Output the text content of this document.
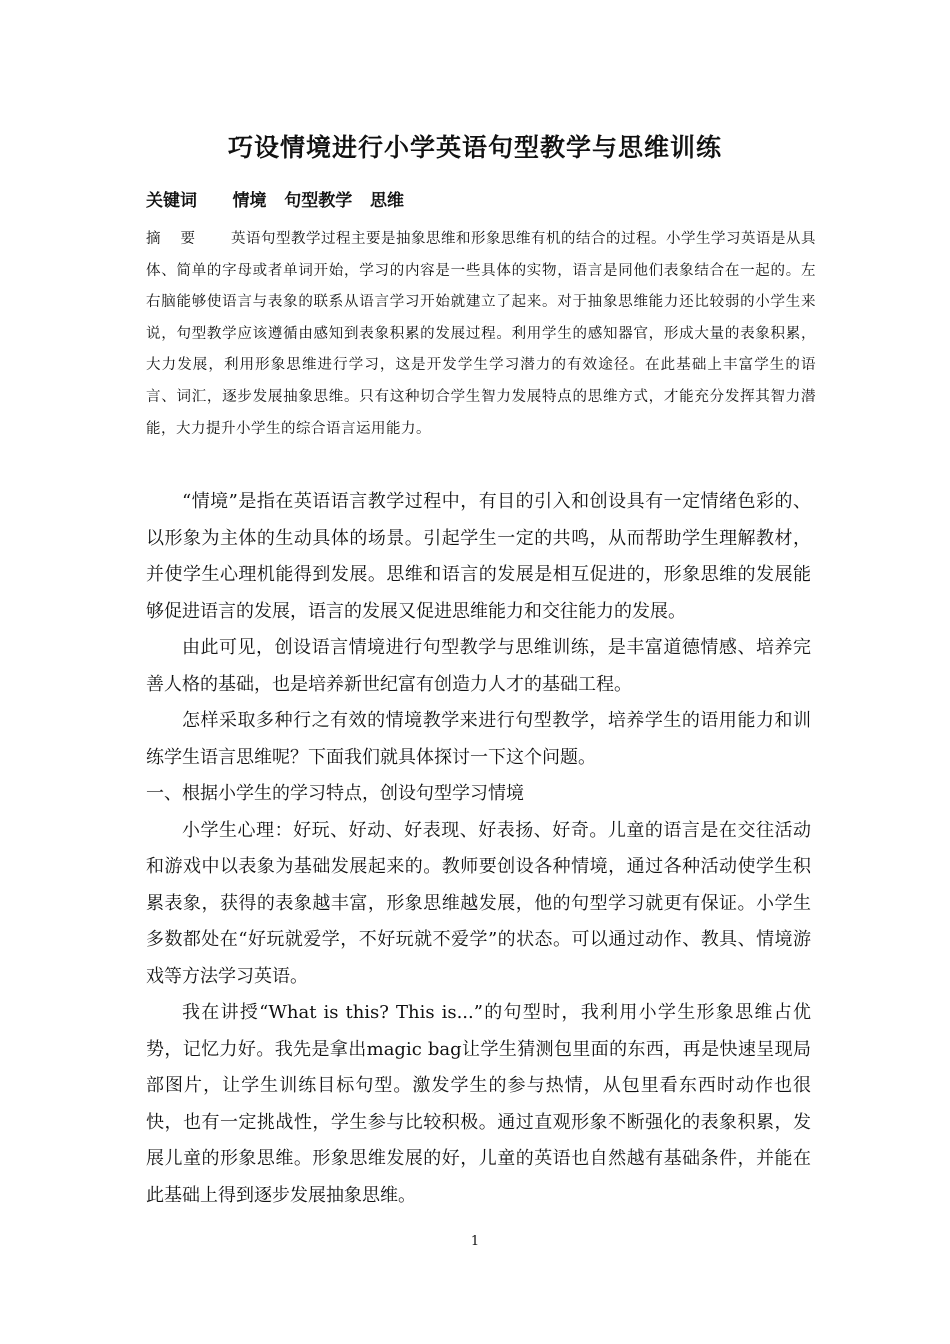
巧设情境进行小学英语句型教学与思维训练
关键词 情境 句型教学 思维
摘 要 英语句型教学过程主要是抽象思维和形象思维有机的结合的过程。小学生学习英语是从具体、简单的字母或者单词开始，学习的内容是一些具体的实物，语言是同他们表象结合在一起的。左右脑能够使语言与表象的联系从语言学习开始就建立了起来。对于抽象思维能力还比较弱的小学生来说，句型教学应该遵循由感知到表象积累的发展过程。利用学生的感知器官，形成大量的表象积累，大力发展，利用形象思维进行学习，这是开发学生学习潜力的有效途径。在此基础上丰富学生的语言、词汇，逐步发展抽象思维。只有这种切合学生智力发展特点的思维方式，才能充分发挥其智力潜能，大力提升小学生的综合语言运用能力。

“情境”是指在英语语言教学过程中，有目的引入和创设具有一定情绪色彩的、以形象为主体的生动具体的场景。引起学生一定的共鸣，从而帮助学生理解教材，并使学生心理机能得到发展。思维和语言的发展是相互促进的，形象思维的发展能够促进语言的发展，语言的发展又促进思维能力和交往能力的发展。

由此可见，创设语言情境进行句型教学与思维训练，是丰富道德情感、培养完善人格的基础，也是培养新世纪富有创造力人才的基础工程。

怎样采取多种行之有效的情境教学来进行句型教学，培养学生的语用能力和训练学生语言思维呢？下面我们就具体探讨一下这个问题。

一、根据小学生的学习特点，创设句型学习情境

小学生心理：好玩、好动、好表现、好表扬、好奇。儿童的语言是在交往活动和游戏中以表象为基础发展起来的。教师要创设各种情境，通过各种活动使学生积累表象，获得的表象越丰富，形象思维越发展，他的句型学习就更有保证。小学生多数都处在“好玩就爱学，不好玩就不爱学”的状态。可以通过动作、教具、情境游戏等方法学习英语。

我在讲授“What is this? This is...”的句型时，我利用小学生形象思维占优势，记忆力好。我先是拿出magic bag让学生猜测包里面的东西，再是快速呈现局部图片，让学生训练目标句型。激发学生的参与热情，从包里看东西时动作也很快，也有一定挑战性，学生参与比较积极。通过直观形象不断强化的表象积累，发展儿童的形象思维。形象思维发展的好，儿童的英语也自然越有基础条件，并能在此基础上得到逐步发展抽象思维。

1
